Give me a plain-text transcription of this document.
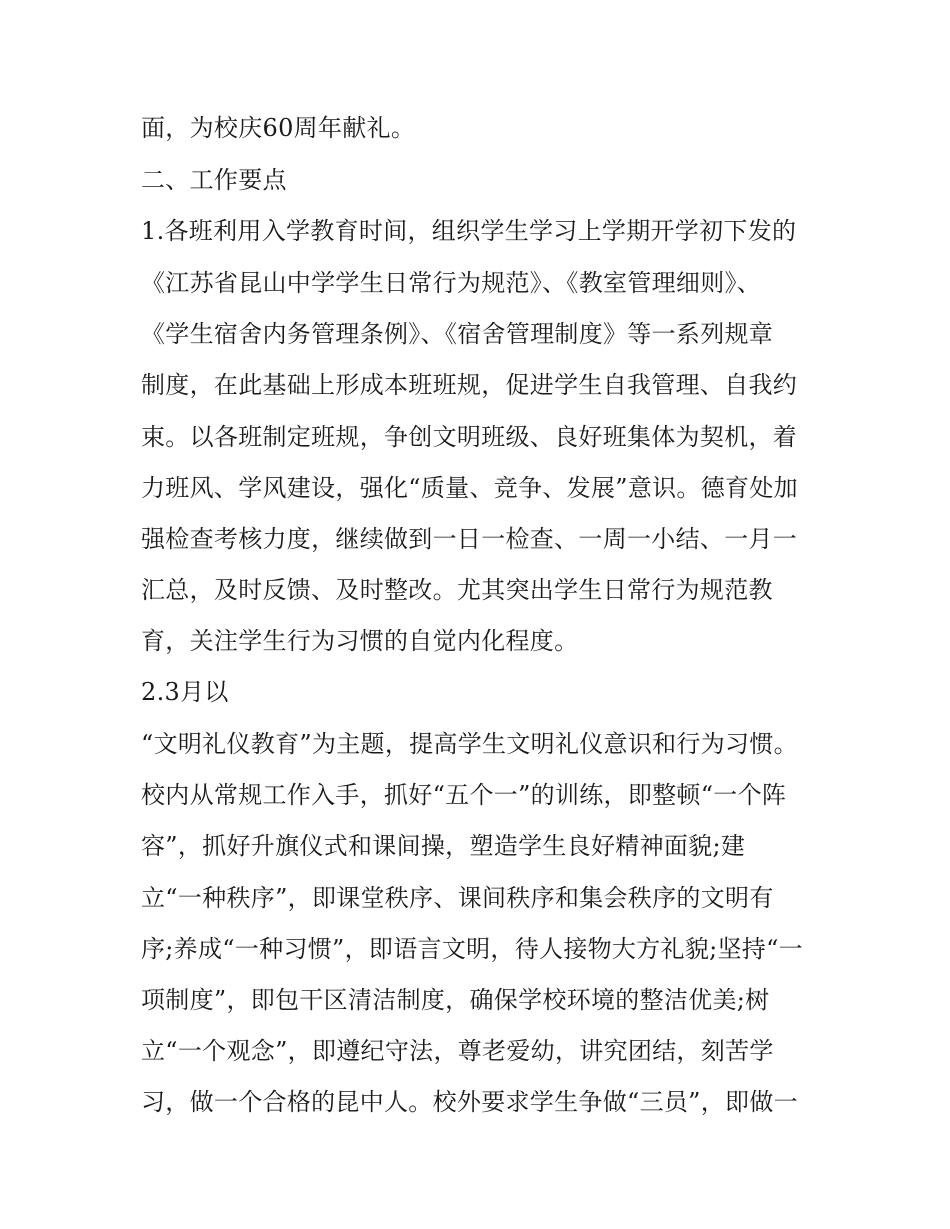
面，为校庆60周年献礼。
二、工作要点
1.各班利用入学教育时间，组织学生学习上学期开学初下发的
《江苏省昆山中学学生日常行为规范》、《教室管理细则》、
《学生宿舍内务管理条例》、《宿舍管理制度》等一系列规章
制度，在此基础上形成本班班规，促进学生自我管理、自我约
束。以各班制定班规，争创文明班级、良好班集体为契机，着
力班风、学风建设，强化“质量、竞争、发展”意识。德育处加
强检查考核力度，继续做到一日一检查、一周一小结、一月一
汇总，及时反馈、及时整改。尤其突出学生日常行为规范教
育，关注学生行为习惯的自觉内化程度。
2.3月以
“文明礼仪教育”为主题，提高学生文明礼仪意识和行为习惯。
校内从常规工作入手，抓好“五个一”的训练，即整顿“一个阵
容”，抓好升旗仪式和课间操，塑造学生良好精神面貌;建
立“一种秩序”，即课堂秩序、课间秩序和集会秩序的文明有
序;养成“一种习惯”，即语言文明，待人接物大方礼貌;坚持“一
项制度”，即包干区清洁制度，确保学校环境的整洁优美;树
立“一个观念”，即遵纪守法，尊老爱幼，讲究团结，刻苦学
习，做一个合格的昆中人。校外要求学生争做“三员”，即做一
